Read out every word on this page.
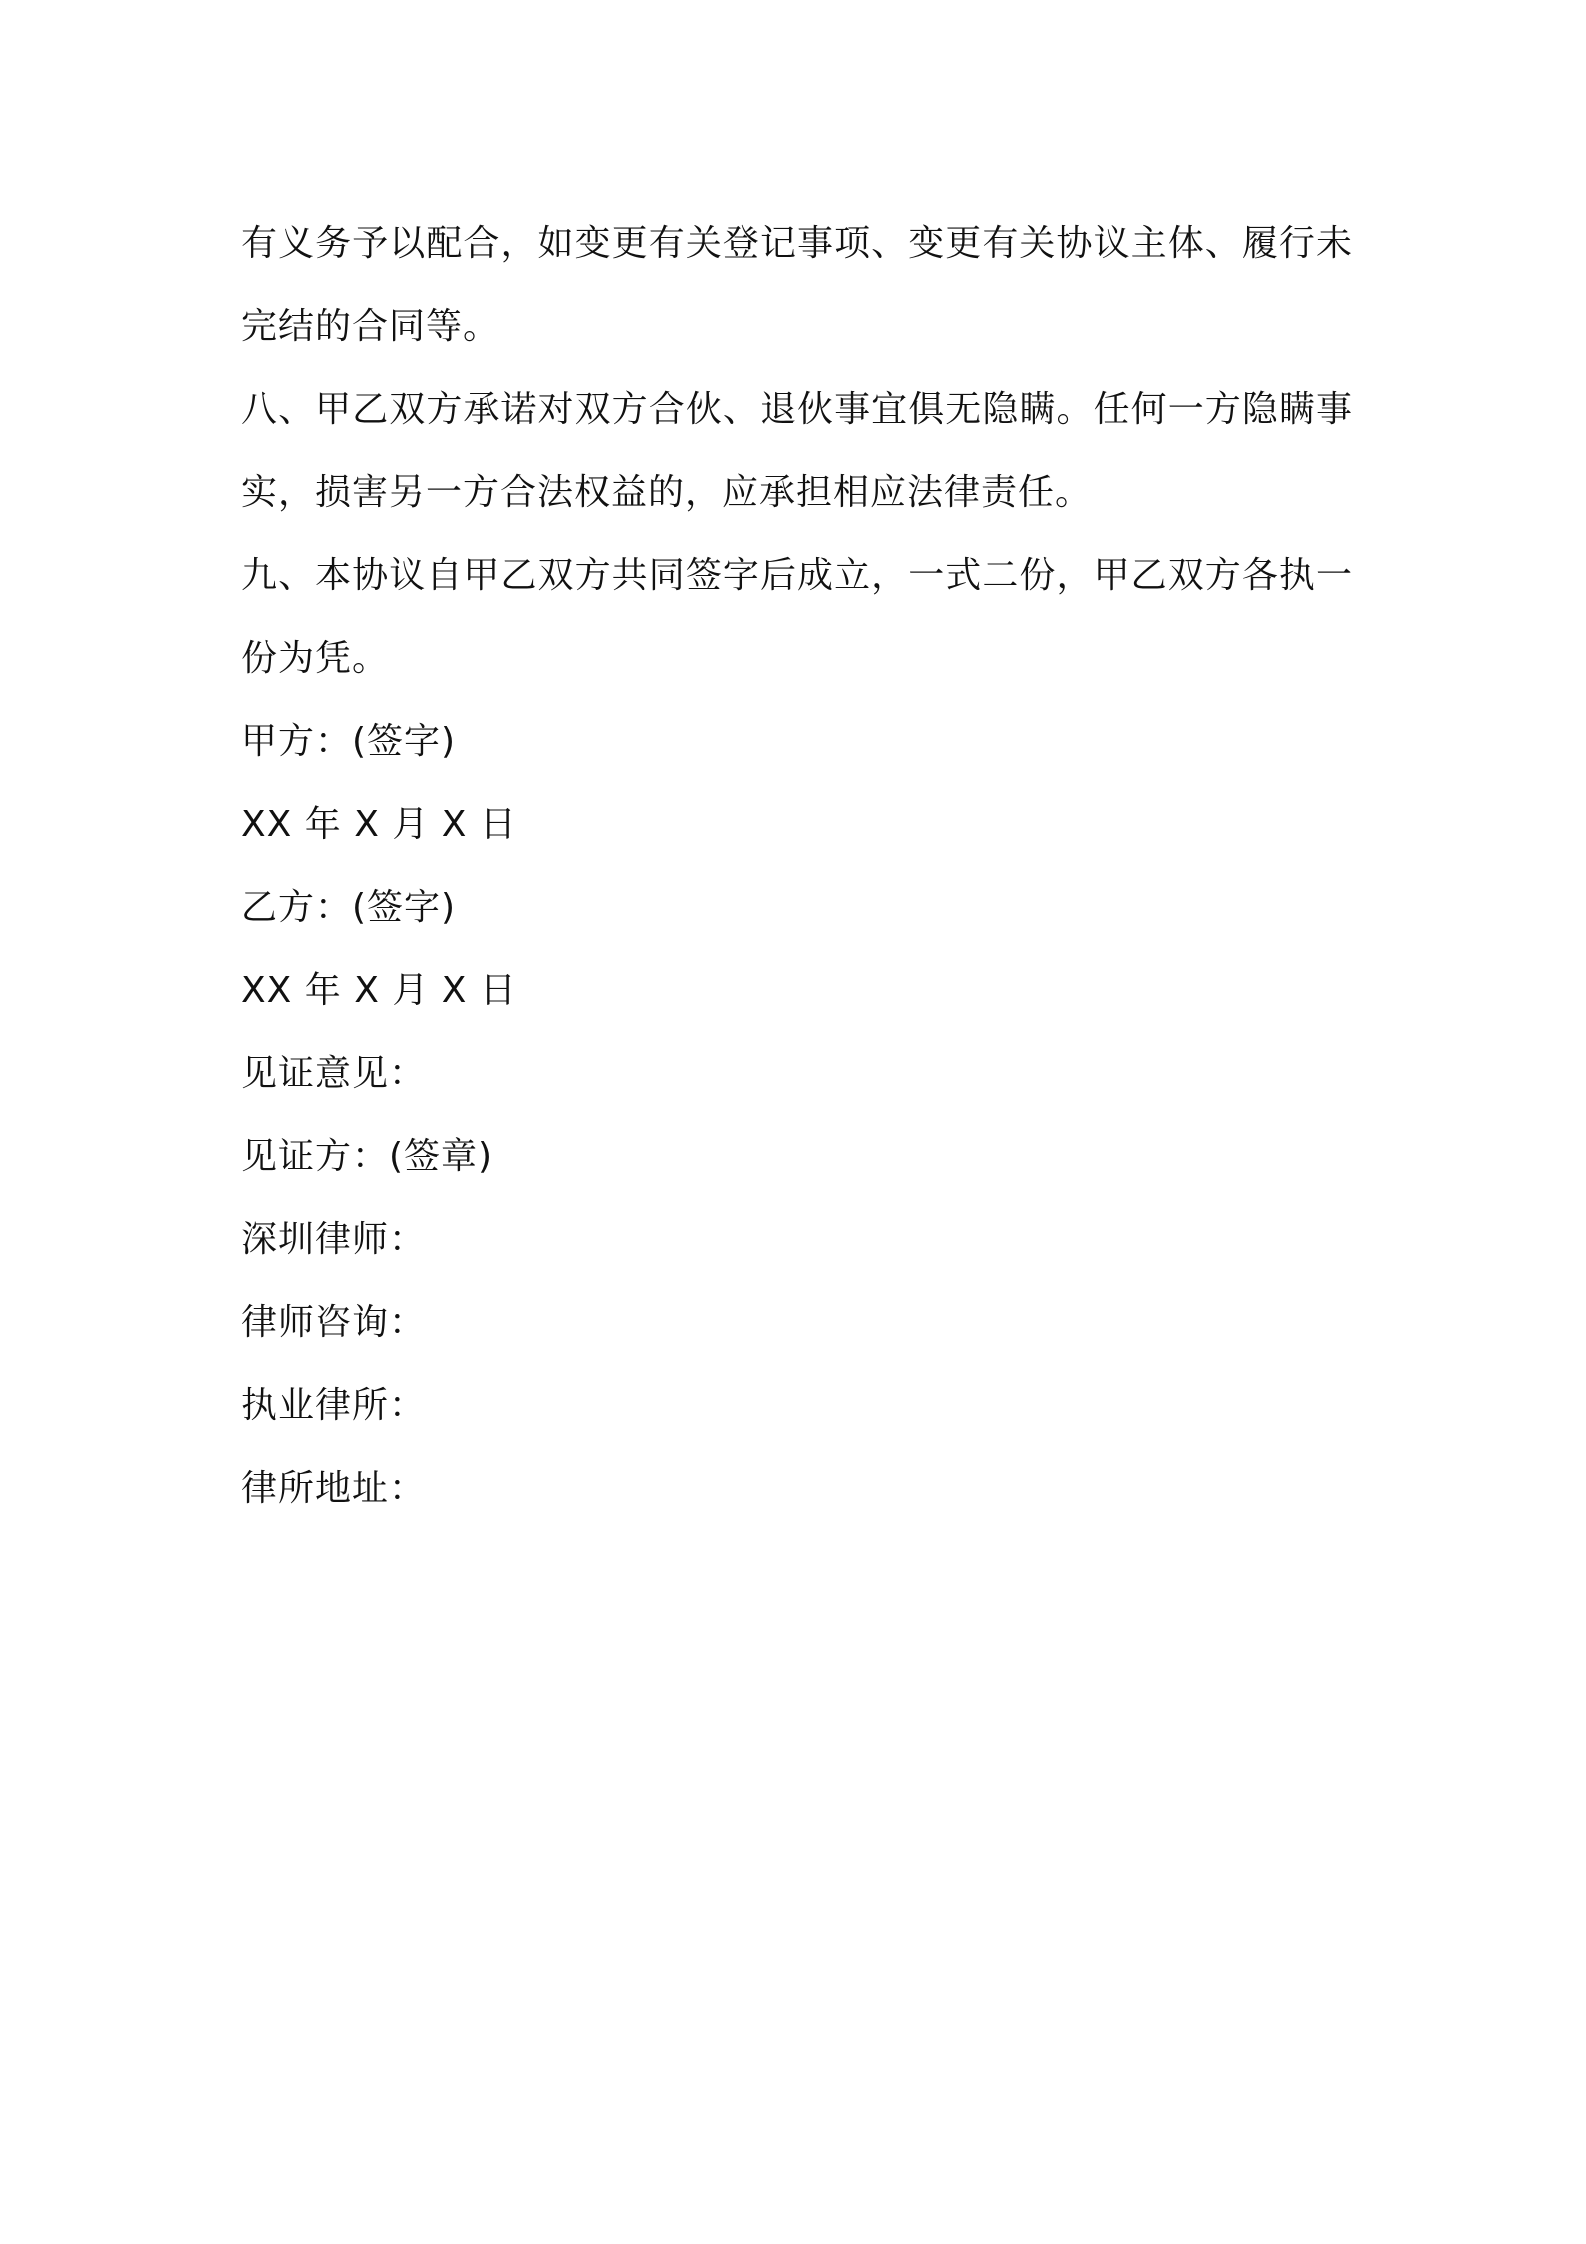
有义务予以配合，如变更有关登记事项、变更有关协议主体、履行未
完结的合同等。
八、甲乙双方承诺对双方合伙、退伙事宜俱无隐瞒。任何一方隐瞒事
实，损害另一方合法权益的，应承担相应法律责任。
九、本协议自甲乙双方共同签字后成立，一式二份，甲乙双方各执一
份为凭。
甲方：(签字)
XX 年 X 月 X 日
乙方：(签字)
XX 年 X 月 X 日
见证意见：
见证方：(签章)
深圳律师：
律师咨询：
执业律所：
律所地址：
